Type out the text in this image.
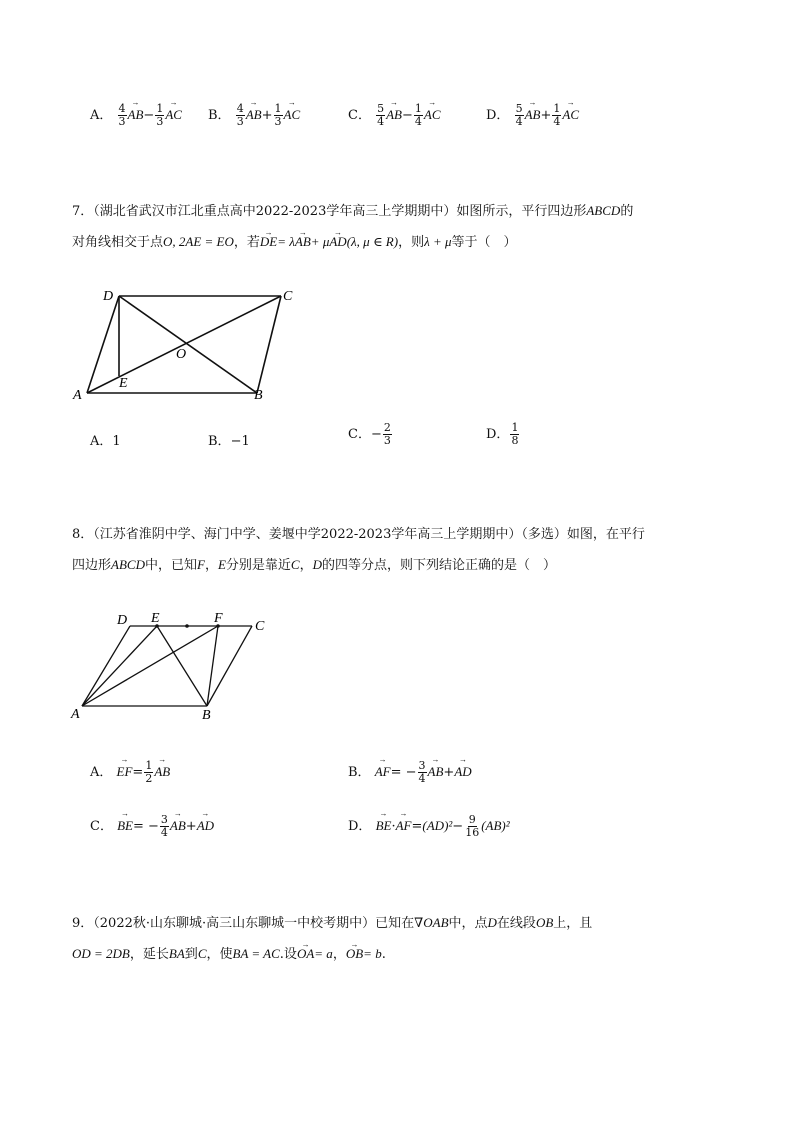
A． $\frac{4}{3}$
→ $AB- \frac{1}{3}$
→ AC B． $\frac{4}{3}$
→ $AB+ \frac{1}{3}$
→ AC	C． $\frac{5}{4}$
→ $AB- \frac{1}{4}$
→ AC	D． $\frac{5}{4}$
→ $AB+ \frac{1}{4}$
→ AC
7．（湖北省武汉市江北重点高中2022-2023学年高三上学期期中）如图所示，平行四边形ABCD的
对角线相交于点O, 2AE = EO，若→ DE= λ→ AB+ μ→ AD(λ, μ ∈ R)，则λ + μ等于（　）
A	B
C
D
E
O
A．1	B．−1	C．− $\frac{2}{3}$	D． $\frac{1}{8}$
8．（江苏省淮阴中学、海门中学、姜堰中学2022-2023学年高三上学期期中）（多选）如图，在平行
四边形ABCD中，已知F，E分别是靠近C，D的四等分点，则下列结论正确的是（　）
A	B
C
D E	F
A． → $EF= \frac{1}{2}$
→ AB	B． → $AF= - \frac{3}{4}$
→ AB+→ AD
C． → $BE= - \frac{3}{4}$
→ AB+→ AD	D． → $BE\cdot\to AF=(AD)^2- \frac{9}{16} (AB)^2$
9．（2022秋·山东聊城·高三山东聊城一中校考期中）已知在∇OAB中，点D在线段OB上，且
OD = 2DB，延长BA到C，使BA = AC.设→ OA= a，→ OB= b.
